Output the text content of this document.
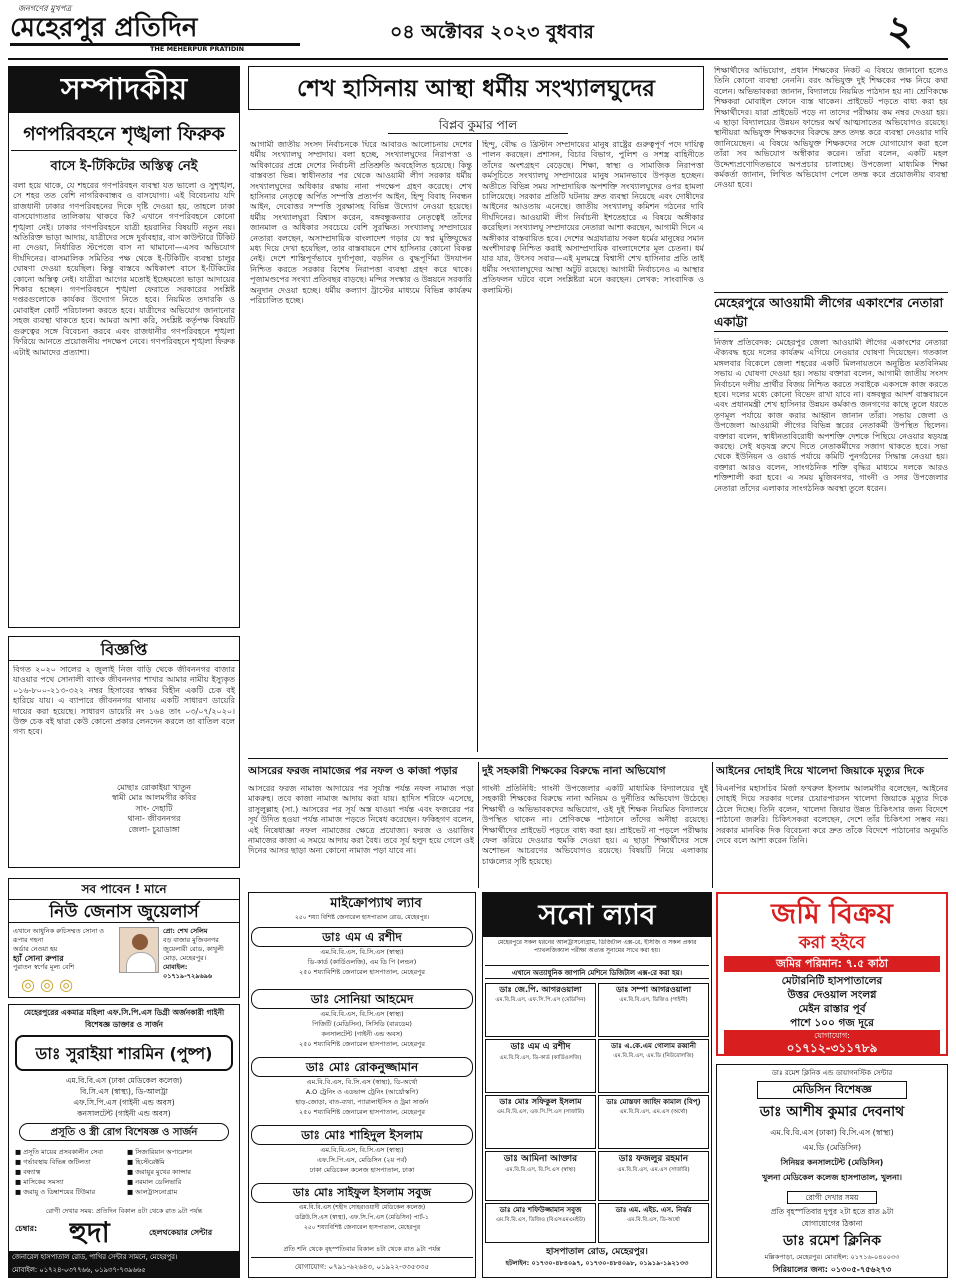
জনগণের মুখপত্র
মেহেরপুর প্রতিদিন
THE MEHERPUR PRATIDIN
০৪ অক্টোবর ২০২৩ বুধবার	২
সম্পাদকীয়
গণপরিবহনে শৃঙ্খলা ফিরুক
বাসে ই-টিকিটের অস্তিত্ব নেই
বলা হয়ে থাকে, যে শহরের গণপরিবহন ব্যবস্থা যত ভালো ও সুশৃঙ্খল, সে শহর তত বেশি নাগরিকবান্ধব ও বাসযোগ্য। এই বিবেচনায় যদি রাজধানী ঢাকার গণপরিবহনের দিকে দৃষ্টি দেওয়া হয়, তাহলে ঢাকা বাসযোগ্যতার তালিকায় থাকবে কি? এখানে গণপরিবহনে কোনো শৃঙ্খলা নেই। ঢাকার গণপরিবহনে যাত্রী হয়রানির বিষয়টি নতুন নয়। অতিরিক্ত ভাড়া আদায়, যাত্রীদের সঙ্গে দুর্ব্যবহার, বাস কাউন্টারে টিকিট না দেওয়া, নির্ধারিত স্টপেজে বাস না থামানো—এসব অভিযোগ দীর্ঘদিনের। বাসমালিক সমিতির পক্ষ থেকে ই-টিকিটিং ব্যবস্থা চালুর ঘোষণা দেওয়া হয়েছিল। কিন্তু বাস্তবে অধিকাংশ বাসে ই-টিকিটের কোনো অস্তিত্ব নেই। যাত্রীরা আগের মতোই ইচ্ছেমতো ভাড়া আদায়ের শিকার হচ্ছেন। গণপরিবহনে শৃঙ্খলা ফেরাতে সরকারের সংশ্লিষ্ট দপ্তরগুলোকে কার্যকর উদ্যোগ নিতে হবে। নিয়মিত তদারকি ও মোবাইল কোর্ট পরিচালনা করতে হবে। যাত্রীদের অভিযোগ জানানোর সহজ ব্যবস্থা থাকতে হবে। আমরা আশা করি, সংশ্লিষ্ট কর্তৃপক্ষ বিষয়টি গুরুত্বের সঙ্গে বিবেচনা করবে এবং রাজধানীর গণপরিবহনে শৃঙ্খলা ফিরিয়ে আনতে প্রয়োজনীয় পদক্ষেপ নেবে। গণপরিবহনে শৃঙ্খলা ফিরুক এটাই আমাদের প্রত্যাশা।
শেখ হাসিনায় আস্থা ধর্মীয় সংখ্যালঘুদের
বিপ্লব কুমার পাল
আগামী জাতীয় সংসদ নির্বাচনকে ঘিরে আবারও আলোচনায় দেশের ধর্মীয় সংখ্যালঘু সম্প্রদায়। বলা হচ্ছে, সংখ্যালঘুদের নিরাপত্তা ও অধিকারের প্রশ্নে দেশের নির্বাচনী প্রতিশ্রুতি অবহেলিত হয়েছে। কিন্তু বাস্তবতা ভিন্ন। স্বাধীনতার পর থেকে আওয়ামী লীগ সরকার ধর্মীয় সংখ্যালঘুদের অধিকার রক্ষায় নানা পদক্ষেপ গ্রহণ করেছে। শেখ হাসিনার নেতৃত্বে অর্পিত সম্পত্তি প্রত্যর্পণ আইন, হিন্দু বিবাহ নিবন্ধন আইন, দেবোত্তর সম্পত্তি সুরক্ষাসহ বিভিন্ন উদ্যোগ নেওয়া হয়েছে। ধর্মীয় সংখ্যালঘুরা বিশ্বাস করেন, বঙ্গবন্ধুকন্যার নেতৃত্বেই তাঁদের জানমাল ও অধিকার সবচেয়ে বেশি সুরক্ষিত। সংখ্যালঘু সম্প্রদায়ের নেতারা বলছেন, অসাম্প্রদায়িক বাংলাদেশ গড়ার যে স্বপ্ন মুক্তিযুদ্ধের মধ্য দিয়ে দেখা হয়েছিল, তার বাস্তবায়নে শেখ হাসিনার কোনো বিকল্প নেই। দেশে শান্তিপূর্ণভাবে দুর্গাপূজা, বড়দিন ও বুদ্ধপূর্ণিমা উদযাপন নিশ্চিত করতে সরকার বিশেষ নিরাপত্তা ব্যবস্থা গ্রহণ করে থাকে। পূজামণ্ডপের সংখ্যা প্রতিবছর বাড়ছে। মন্দির সংস্কার ও উন্নয়নে সরকারি অনুদান দেওয়া হচ্ছে। ধর্মীয় কল্যাণ ট্রাস্টের মাধ্যমে বিভিন্ন কার্যক্রম পরিচালিত হচ্ছে।
হিন্দু, বৌদ্ধ ও খ্রিস্টান সম্প্রদায়ের মানুষ রাষ্ট্রের গুরুত্বপূর্ণ পদে দায়িত্ব পালন করছেন। প্রশাসন, বিচার বিভাগ, পুলিশ ও সশস্ত্র বাহিনীতে তাঁদের অংশগ্রহণ বেড়েছে। শিক্ষা, স্বাস্থ্য ও সামাজিক নিরাপত্তা কর্মসূচিতে সংখ্যালঘু সম্প্রদায়ের মানুষ সমানভাবে উপকৃত হচ্ছেন। অতীতে বিভিন্ন সময় সাম্প্রদায়িক অপশক্তি সংখ্যালঘুদের ওপর হামলা চালিয়েছে। সরকার প্রতিটি ঘটনায় দ্রুত ব্যবস্থা নিয়েছে এবং দোষীদের আইনের আওতায় এনেছে। জাতীয় সংখ্যালঘু কমিশন গঠনের দাবি দীর্ঘদিনের। আওয়ামী লীগ নির্বাচনী ইশতেহারে এ বিষয়ে অঙ্গীকার করেছিল। সংখ্যালঘু সম্প্রদায়ের নেতারা আশা করছেন, আগামী দিনে এ অঙ্গীকার বাস্তবায়িত হবে। দেশের অগ্রযাত্রায় সকল ধর্মের মানুষের সমান অংশীদারত্ব নিশ্চিত করাই অসাম্প্রদায়িক বাংলাদেশের মূল চেতনা। ধর্ম যার যার, উৎসব সবার—এই মূলমন্ত্রে বিশ্বাসী শেখ হাসিনার প্রতি তাই ধর্মীয় সংখ্যালঘুদের আস্থা অটুট রয়েছে। আগামী নির্বাচনেও এ আস্থার প্রতিফলন ঘটবে বলে সংশ্লিষ্টরা মনে করছেন। লেখক: সাংবাদিক ও কলামিস্ট।
শিক্ষার্থীদের অভিযোগ, প্রধান শিক্ষকের নিকট এ বিষয়ে জানানো হলেও তিনি কোনো ব্যবস্থা নেননি। বরং অভিযুক্ত দুই শিক্ষকের পক্ষ নিয়ে কথা বলেন। অভিভাবকরা জানান, বিদ্যালয়ে নিয়মিত পাঠদান হয় না। শ্রেণিকক্ষে শিক্ষকরা মোবাইল ফোনে ব্যস্ত থাকেন। প্রাইভেট পড়তে বাধ্য করা হয় শিক্ষার্থীদের। যারা প্রাইভেট পড়ে না তাদের পরীক্ষায় কম নম্বর দেওয়া হয়। এ ছাড়া বিদ্যালয়ের উন্নয়ন ফান্ডের অর্থ আত্মসাতের অভিযোগও রয়েছে। স্থানীয়রা অভিযুক্ত শিক্ষকদের বিরুদ্ধে দ্রুত তদন্ত করে ব্যবস্থা নেওয়ার দাবি জানিয়েছেন। এ বিষয়ে অভিযুক্ত শিক্ষকদের সঙ্গে যোগাযোগ করা হলে তাঁরা সব অভিযোগ অস্বীকার করেন। তাঁরা বলেন, একটি মহল উদ্দেশ্যপ্রণোদিতভাবে অপপ্রচার চালাচ্ছে। উপজেলা মাধ্যমিক শিক্ষা কর্মকর্তা জানান, লিখিত অভিযোগ পেলে তদন্ত করে প্রয়োজনীয় ব্যবস্থা নেওয়া হবে।
মেহেরপুরে আওয়ামী লীগের একাংশের নেতারা একাট্টা
নিজস্ব প্রতিবেদক: মেহেরপুর জেলা আওয়ামী লীগের একাংশের নেতারা ঐক্যবদ্ধ হয়ে দলের কার্যক্রম এগিয়ে নেওয়ার ঘোষণা দিয়েছেন। গতকাল মঙ্গলবার বিকেলে জেলা শহরের একটি মিলনায়তনে অনুষ্ঠিত মতবিনিময় সভায় এ ঘোষণা দেওয়া হয়। সভায় বক্তারা বলেন, আগামী জাতীয় সংসদ নির্বাচনে দলীয় প্রার্থীর বিজয় নিশ্চিত করতে সবাইকে একসঙ্গে কাজ করতে হবে। দলের মধ্যে কোনো বিভেদ রাখা যাবে না। বঙ্গবন্ধুর আদর্শ বাস্তবায়নে এবং প্রধানমন্ত্রী শেখ হাসিনার উন্নয়ন কর্মকাণ্ড জনগণের কাছে তুলে ধরতে তৃণমূল পর্যায়ে কাজ করার আহ্বান জানান তাঁরা। সভায় জেলা ও উপজেলা আওয়ামী লীগের বিভিন্ন স্তরের নেতাকর্মী উপস্থিত ছিলেন। বক্তারা বলেন, স্বাধীনতাবিরোধী অপশক্তি দেশকে পিছিয়ে নেওয়ার ষড়যন্ত্র করছে। সেই ষড়যন্ত্র রুখে দিতে নেতাকর্মীদের সজাগ থাকতে হবে। সভা থেকে ইউনিয়ন ও ওয়ার্ড পর্যায়ে কমিটি পুনর্গঠনের সিদ্ধান্ত নেওয়া হয়। বক্তারা আরও বলেন, সাংগঠনিক শক্তি বৃদ্ধির মাধ্যমে দলকে আরও শক্তিশালী করা হবে। এ সময় মুজিবনগর, গাংনী ও সদর উপজেলার নেতারা তাঁদের এলাকার সাংগঠনিক অবস্থা তুলে ধরেন।
বিজ্ঞপ্তি
বিগত ২০২০ সালের ২ জুলাই নিজ বাড়ি থেকে জীবননগর বাজার যাওয়ার পথে সোনালী ব্যাংক জীবননগর শাখার আমার নামীয় ইস্যুকৃত ০১৬-৮০০-২১৩-৩২২ নম্বর হিসাবের স্বাক্ষর বিহীন একটি চেক বই হারিয়ে যায়। এ ব্যাপারে জীবননগর থানায় একটি সাধারণ ডায়েরি দায়ের করা হয়েছে। সাধারণ ডায়েরি নং ১৬৪ তাং ০৩/০৭/২০২০। উক্ত চেক বই দ্বারা কেউ কোনো প্রকার লেনদেন করলে তা বাতিল বলে গণ্য হবে।
মোছাঃ রোকাইয়া খাতুন
স্বামী মোঃ আলমগীর কবির
সাং- দেহাটি
থানা- জীবননগর
জেলা- চুয়াডাঙ্গা
আসরের ফরজ নামাজের পর নফল ও কাজা পড়ার
আসরের ফরজ নামাজ আদায়ের পর সূর্যাস্ত পর্যন্ত নফল নামাজ পড়া মাকরুহ। তবে কাজা নামাজ আদায় করা যায়। হাদিস শরিফে এসেছে, রাসুলুল্লাহ (সা.) আসরের পর সূর্য অস্ত যাওয়া পর্যন্ত এবং ফজরের পর সূর্য উদিত হওয়া পর্যন্ত নামাজ পড়তে নিষেধ করেছেন। ফকিহগণ বলেন, এই নিষেধাজ্ঞা নফল নামাজের ক্ষেত্রে প্রযোজ্য। ফরজ ও ওয়াজিব নামাজের কাজা এ সময়ে আদায় করা বৈধ। তবে সূর্য হলুদ হয়ে গেলে ওই দিনের আসর ছাড়া অন্য কোনো নামাজ পড়া যাবে না।
দুই সহকারী শিক্ষকের বিরুদ্ধে নানা অভিযোগ
গাংনী প্রতিনিধি: গাংনী উপজেলার একটি মাধ্যমিক বিদ্যালয়ের দুই সহকারী শিক্ষকের বিরুদ্ধে নানা অনিয়ম ও দুর্নীতির অভিযোগ উঠেছে। শিক্ষার্থী ও অভিভাবকদের অভিযোগ, ওই দুই শিক্ষক নিয়মিত বিদ্যালয়ে উপস্থিত থাকেন না। শ্রেণিকক্ষে পাঠদানে তাঁদের অনীহা রয়েছে। শিক্ষার্থীদের প্রাইভেট পড়তে বাধ্য করা হয়। প্রাইভেট না পড়লে পরীক্ষায় ফেল করিয়ে দেওয়ার হুমকি দেওয়া হয়। এ ছাড়া শিক্ষার্থীদের সঙ্গে অশোভন আচরণের অভিযোগও রয়েছে। বিষয়টি নিয়ে এলাকায় চাঞ্চল্যের সৃষ্টি হয়েছে।
আইনের দোহাই দিয়ে খালেদা জিয়াকে মৃত্যুর দিকে
বিএনপির মহাসচিব মির্জা ফখরুল ইসলাম আলমগীর বলেছেন, আইনের দোহাই দিয়ে সরকার দলের চেয়ারপারসন খালেদা জিয়াকে মৃত্যুর দিকে ঠেলে দিচ্ছে। তিনি বলেন, খালেদা জিয়ার উন্নত চিকিৎসার জন্য বিদেশে পাঠানো জরুরি। চিকিৎসকরা বলেছেন, দেশে তাঁর চিকিৎসা সম্ভব নয়। সরকার মানবিক দিক বিবেচনা করে দ্রুত তাঁকে বিদেশে পাঠানোর অনুমতি দেবে বলে আশা করেন তিনি।
সব পাবেন ! মানে
নিউ জেনাস জুয়েলার্স
এখানে আধুনিক রুচিসম্মত সোনা ও রূপার গহনা
অর্ডার নেওয়া হয়
হ্যাঁ সোনা রুপার
পুরাতন স্বর্ণের মূল্য বেশি
প্রো: শেখ সেলিম
বড় বাজার মুজিবনগর
জুয়েলারী রোড, কাথুলী মোড়, মেহেরপুর।
মোবাইল: ০১৭১৯-৭২৯৬৯৬
◎ ◎ ◎
মেহেরপুরের একমাত্র মহিলা এফ.সি.পি.এস ডিগ্রী অর্জনকারী গাইনী বিশেষজ্ঞ ডাক্তার ও সার্জন
ডাঃ সুরাইয়া শারমিন (পুষ্প)
এম.বি.বি.এস (ঢাকা মেডিকেল কলেজ)
বি.সি.এস (স্বাস্থ্য), ডি-আলট্রা
এফ.সি.পি.এস (গাইনী এন্ড অবস)
কনসালটেন্ট (গাইনী এন্ড অবস)
প্রসূতি ও স্ত্রী রোগ বিশেষজ্ঞ ও সার্জন
■ প্রসূতি মায়ের প্রসবকালীন সেবা
■ গর্ভাবস্থায় বিভিন্ন জটিলতা
■ বন্ধ্যাত্ব
■ মাসিকের সমস্যা
■ জরায়ু ও ডিম্বাশয়ের টিউমার
■ সিজারিয়ান অপারেশন
■ হিস্টেরেক্টমি
■ জরায়ুর মুখের ক্যান্সার
■ নরমাল ডেলিভারি
■ আলট্রাসনোগ্রাম
রোগী দেখার সময়: প্রতিদিন বিকাল ৪টা থেকে রাত ৯টা পর্যন্ত
চেম্বার:	হুদা	হেলথকেয়ার সেন্টার
জেনারেল হাসপাতাল রোড, পাখির সেন্টার সামনে, মেহেরপুর।
মোবাইল: ০১৭২৪-০৩৭৭৬৬, ০১৯৩৭-৭৩৯৬৬৫
মাইক্রোপ্যাথ ল্যাব
২৫০ শয্যা বিশিষ্ট জেনারেল হাসপাতাল রোড, মেহেরপুর।
ডাঃ এম এ রশীদ
এম.বি.বি.এস, বি.সি.এস (স্বাস্থ্য)
ডি-কার্ড (কার্ডিওলজি), এম ডি পি (লন্ডন)
২৫০ শয্যাবিশিষ্ট জেনারেল হাসপাতাল, মেহেরপুর
ডাঃ সোনিয়া আহমেদ
এম.বি.বি.এস, বি.সি.এস (স্বাস্থ্য)
পিজিটি (মেডিসিন), সিসিডি (বারডেম)
কনসালটেন্ট (গাইনী এন্ড অবস)
২৫০ শয্যাবিশিষ্ট জেনারেল হাসপাতাল, মেহেরপুর
ডাঃ মোঃ রোকনুজ্জামান
এম.বি.বি.এস, বি.সি.এস (স্বাস্থ্য), ডি-অর্থো
A.O ট্রেনিং ও এডভান্স ট্রেনিং (আর্থ্রোস্কপি)
হাড়-জোড়া, বাত-ব্যথা, প্যারালাইসিস ও ট্রমা সার্জন
২৫০ শয্যাবিশিষ্ট জেনারেল হাসপাতাল, মেহেরপুর
ডাঃ মোঃ শাহিদুল ইসলাম
এম.বি.বি.এস, বি.সি.এস (স্বাস্থ্য)
এফ.সি.পি.এস, মেডিসিন (২য় পর্ব)
ঢাকা মেডিকেল কলেজ হাসপাতাল, ঢাকা
ডাঃ মোঃ সাইফুল ইসলাম সবুজ
এম.বি.বি.এস (শহীদ সোহরাওয়ার্দী মেডিকেল কলেজ)
ডব্লিউ.সি.এস (স্বাস্থ্য), এফ.সি.পি.এস (মেডিসিন) পার্ট-১
২৫০ শয্যাবিশিষ্ট জেনারেল হাসপাতাল, মেহেরপুর
প্রতি শনি থেকে বৃহস্পতিবার বিকাল ৪টা থেকে রাত ৯টা পর্যন্ত
যোগাযোগ: ০৭৯১-৬২৬৪৩, ০১৯২২-৩৩৫৩৩৫
সনো ল্যাব
মেহেরপুরে সকল ধরনের আলট্রাসনোগ্রাম, ডিজিটাল এক্স-রে, ইসিজি ও সকল প্রকার প্যাথলজিক্যাল পরীক্ষা অত্যন্ত সুনামের সাথে করা হয়।
এখানে অত্যাধুনিক জাপানি মেশিনে ডিজিটাল এক্স-রে করা হয়।
ডাঃ জে.পি. আগরওয়ালা
এম.বি.বি.এস, এফ.সি.পি.এস (মেডিসিন)
ডাঃ সম্পা আগরওয়ালা
এম.বি.বি.এস, ডিজিও (গাইনী)
ডাঃ এম এ রশীদ
এম.বি.বি.এস, ডি-কার্ড (কার্ডিওলজি)
ডাঃ এ.কে.এম গোলাম রব্বানী
এম.বি.বি.এস, এম.ডি (নিউরোলজি)
ডাঃ মোঃ সফিকুল ইসলাম
এম.বি.বি.এস, এফ.সি.পি.এস (সার্জারি)
ডাঃ মোস্তফা জাহিদ কামাল (বিপ্)
এম.বি.বি.এস, এম.এস (অর্থো)
ডাঃ আমিনা আক্তার
এম.বি.বি.এস, বি.সি.এস (স্বাস্থ্য)
ডাঃ ফজলুর রহমান
এম.বি.বি.এস, এম.এস (সার্জারি)
ডাঃ মোঃ শফিউজ্জামান সবুজ
এম.বি.বি.এস, ডিজিও (বিএসএমএমইউ)
ডাঃ এম. এইচ. এস. নির্ঝর
এম.বি.বি.এস, ডি-অর্থো
হাসপাতাল রোড, মেহেরপুর।
হটলাইন: ০১৭৩০-৪৮৪০৯৭, ০১৭৩০-৪৮৪০৯৮, ০১৯১৯-১৯২১৩৩
জমি বিক্রয়
করা হইবে
জমির পরিমান: ৭.৫ কাঠা
মেটারনিটি হাসপাতালের
উত্তর দেওয়াল সংলগ্ন
মেইন রাস্তার পূর্ব
পাশে ১০০ গজ দূরে
যোগাযোগ:
০১৭১২-৩১১৭৮৯
ডাঃ রমেশ ক্লিনিক এন্ড ডায়াগনস্টিক সেন্টার
মেডিসিন বিশেষজ্ঞ
ডাঃ আশীষ কুমার দেবনাথ
এম.বি.বি.এস (ঢাকা) বি.সি.এস (স্বাস্থ্য)
এম.ডি (মেডিসিন)
সিনিয়র কনসালটেন্ট (মেডিসিন)
খুলনা মেডিকেল কলেজ হাসপাতাল, খুলনা।
রোগী দেখার সময়
প্রতি বৃহস্পতিবার দুপুর ২টা হতে রাত ৯টা
যোগাযোগের ঠিকানা
ডাঃ রমেশ ক্লিনিক
মল্লিকপাড়া, মেহেরপুর। মোবাইল: ০১৭১৬-০৪০০৩৩
সিরিয়ালের জন্য: ০১৩০৫-৭৫৬২৭৩
